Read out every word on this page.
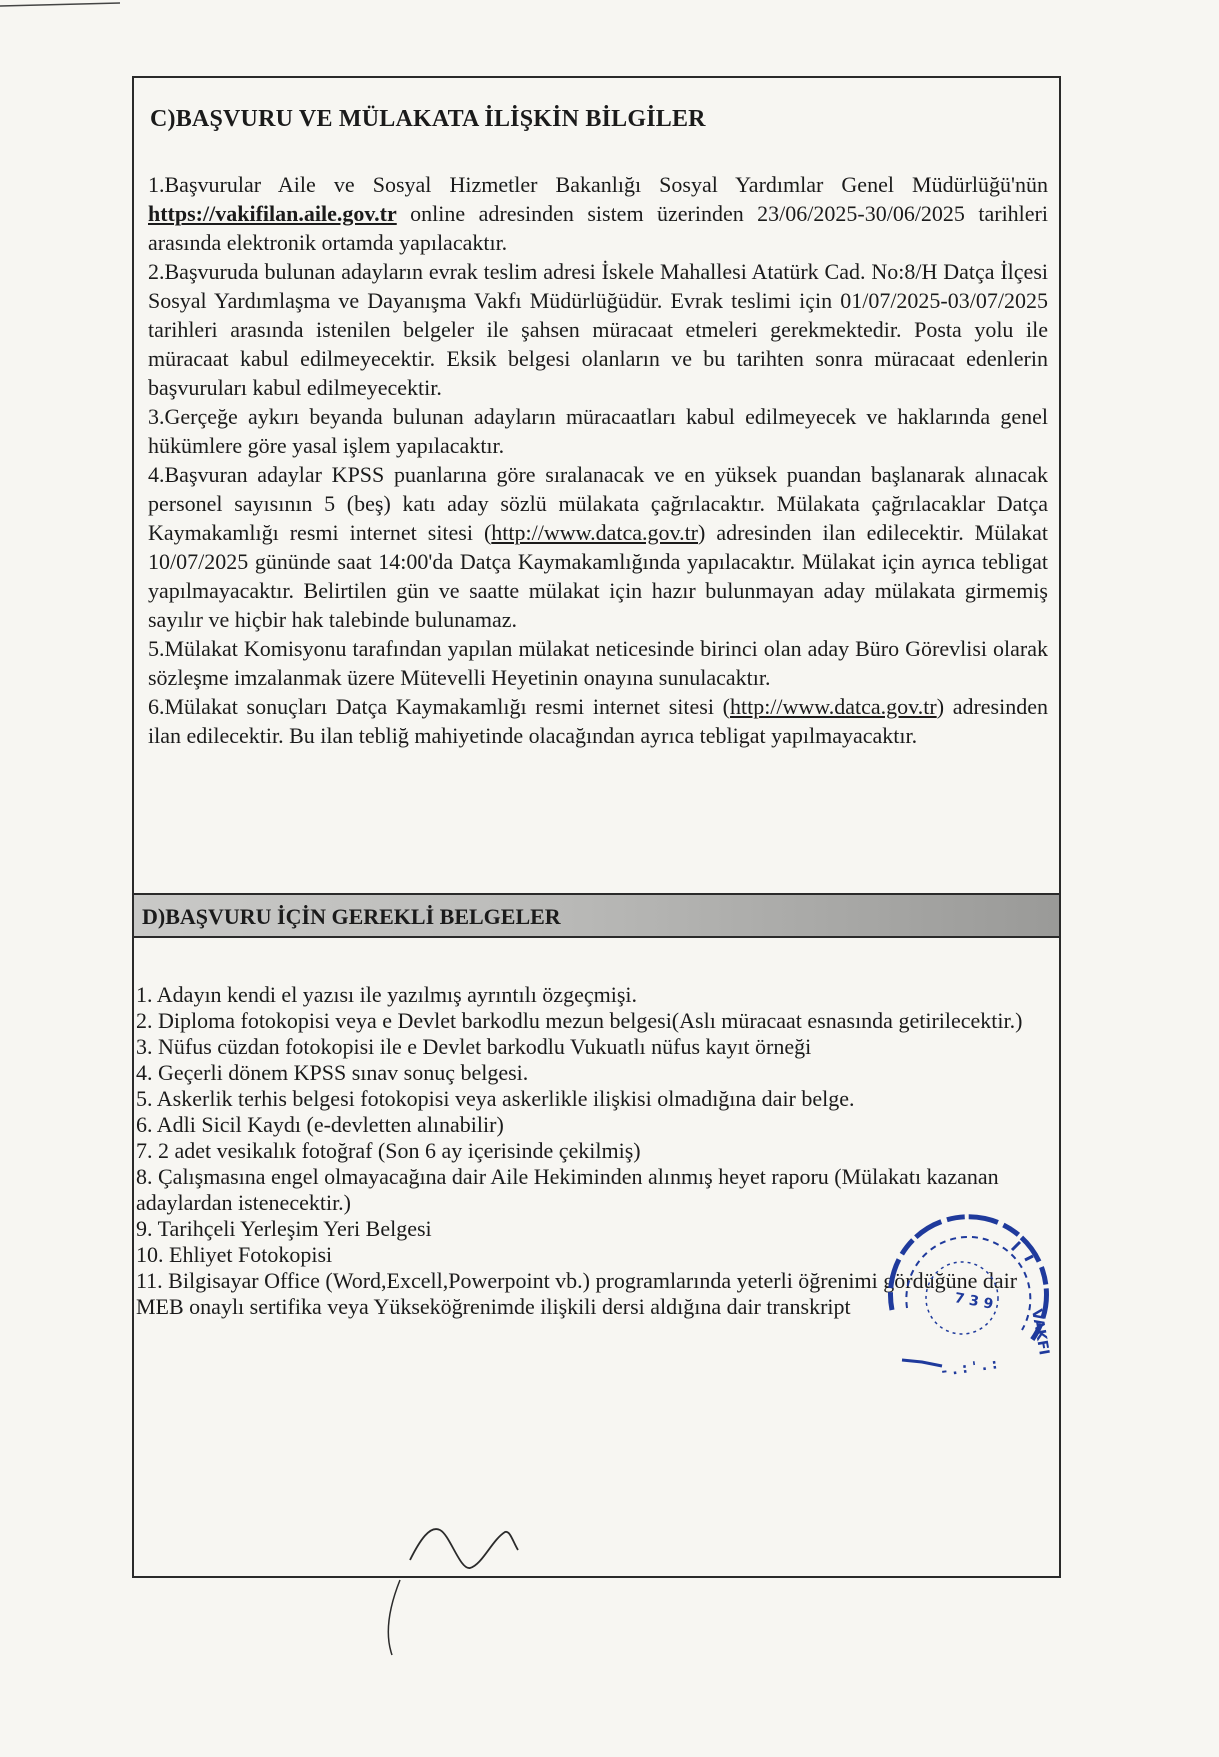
C)BAŞVURU VE MÜLAKATA İLİŞKİN BİLGİLER

1.Başvurular Aile ve Sosyal Hizmetler Bakanlığı Sosyal Yardımlar Genel Müdürlüğü'nün https://vakifilan.aile.gov.tr online adresinden sistem üzerinden 23/06/2025-30/06/2025 tarihleri arasında elektronik ortamda yapılacaktır.

2.Başvuruda bulunan adayların evrak teslim adresi İskele Mahallesi Atatürk Cad. No:8/H Datça İlçesi Sosyal Yardımlaşma ve Dayanışma Vakfı Müdürlüğüdür. Evrak teslimi için 01/07/2025-03/07/2025 tarihleri arasında istenilen belgeler ile şahsen müracaat etmeleri gerekmektedir. Posta yolu ile müracaat kabul edilmeyecektir. Eksik belgesi olanların ve bu tarihten sonra müracaat edenlerin başvuruları kabul edilmeyecektir.

3.Gerçeğe aykırı beyanda bulunan adayların müracaatları kabul edilmeyecek ve haklarında genel hükümlere göre yasal işlem yapılacaktır.

4.Başvuran adaylar KPSS puanlarına göre sıralanacak ve en yüksek puandan başlanarak alınacak personel sayısının 5 (beş) katı aday sözlü mülakata çağrılacaktır. Mülakata çağrılacaklar Datça Kaymakamlığı resmi internet sitesi (http://www.datca.gov.tr) adresinden ilan edilecektir. Mülakat 10/07/2025 gününde saat 14:00'da Datça Kaymakamlığında yapılacaktır. Mülakat için ayrıca tebligat yapılmayacaktır. Belirtilen gün ve saatte mülakat için hazır bulunmayan aday mülakata girmemiş sayılır ve hiçbir hak talebinde bulunamaz.

5.Mülakat Komisyonu tarafından yapılan mülakat neticesinde birinci olan aday Büro Görevlisi olarak sözleşme imzalanmak üzere Mütevelli Heyetinin onayına sunulacaktır.

6.Mülakat sonuçları Datça Kaymakamlığı resmi internet sitesi (http://www.datca.gov.tr) adresinden ilan edilecektir. Bu ilan tebliğ mahiyetinde olacağından ayrıca tebligat yapılmayacaktır.

D)BAŞVURU İÇİN GEREKLİ BELGELER
1. Adayın kendi el yazısı ile yazılmış ayrıntılı özgeçmişi.
2. Diploma fotokopisi veya e Devlet barkodlu mezun belgesi(Aslı müracaat esnasında getirilecektir.)
3. Nüfus cüzdan fotokopisi ile e Devlet barkodlu Vukuatlı nüfus kayıt örneği
4. Geçerli dönem KPSS sınav sonuç belgesi.
5. Askerlik terhis belgesi fotokopisi veya askerlikle ilişkisi olmadığına dair belge.
6. Adli Sicil Kaydı (e-devletten alınabilir)
7. 2 adet vesikalık fotoğraf (Son 6 ay içerisinde çekilmiş)
8. Çalışmasına engel olmayacağına dair Aile Hekiminden alınmış heyet raporu (Mülakatı kazanan adaylardan istenecektir.)
9. Tarihçeli Yerleşim Yeri Belgesi
10. Ehliyet Fotokopisi
11. Bilgisayar Office (Word,Excell,Powerpoint vb.) programlarında yeterli öğrenimi gördüğüne dair MEB onaylı sertifika veya Yükseköğrenimde ilişkili dersi aldığına dair transkript	7 3 9
VAKFI
- . : ' . :
